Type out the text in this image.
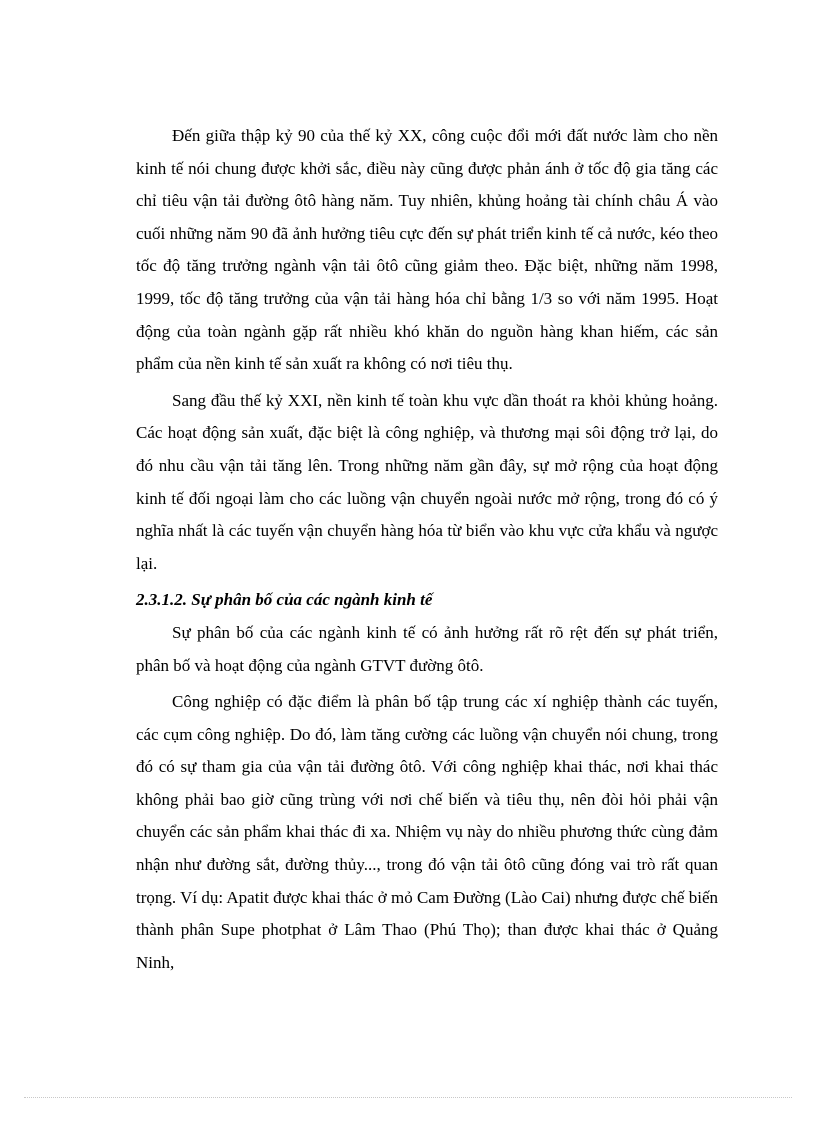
Đến giữa thập kỷ 90 của thế kỷ XX, công cuộc đổi mới đất nước làm cho nền kinh tế nói chung được khởi sắc, điều này cũng được phản ánh ở tốc độ gia tăng các chỉ tiêu vận tải đường ôtô hàng năm. Tuy nhiên, khủng hoảng tài chính châu Á vào cuối những năm 90 đã ảnh hưởng tiêu cực đến sự phát triển kinh tế cả nước, kéo theo tốc độ tăng trưởng ngành vận tải ôtô cũng giảm theo. Đặc biệt, những năm 1998, 1999, tốc độ tăng trưởng của vận tải hàng hóa chỉ bằng 1/3 so với năm 1995. Hoạt động của toàn ngành gặp rất nhiều khó khăn do nguồn hàng khan hiếm, các sản phẩm của nền kinh tế sản xuất ra không có nơi tiêu thụ.

Sang đầu thế kỷ XXI, nền kinh tế toàn khu vực dần thoát ra khỏi khủng hoảng. Các hoạt động sản xuất, đặc biệt là công nghiệp, và thương mại sôi động trở lại, do đó nhu cầu vận tải tăng lên. Trong những năm gần đây, sự mở rộng của hoạt động kinh tế đối ngoại làm cho các luồng vận chuyển ngoài nước mở rộng, trong đó có ý nghĩa nhất là các tuyến vận chuyển hàng hóa từ biển vào khu vực cửa khẩu và ngược lại.

2.3.1.2. Sự phân bố của các ngành kinh tế

Sự phân bố của các ngành kinh tế có ảnh hưởng rất rõ rệt đến sự phát triển, phân bố và hoạt động của ngành GTVT đường ôtô.

Công nghiệp có đặc điểm là phân bố tập trung các xí nghiệp thành các tuyến, các cụm công nghiệp. Do đó, làm tăng cường các luồng vận chuyển nói chung, trong đó có sự tham gia của vận tải đường ôtô. Với công nghiệp khai thác, nơi khai thác không phải bao giờ cũng trùng với nơi chế biến và tiêu thụ, nên đòi hỏi phải vận chuyển các sản phẩm khai thác đi xa. Nhiệm vụ này do nhiều phương thức cùng đảm nhận như đường sắt, đường thủy..., trong đó vận tải ôtô cũng đóng vai trò rất quan trọng. Ví dụ: Apatit được khai thác ở mỏ Cam Đường (Lào Cai) nhưng được chế biến thành phân Supe photphat ở Lâm Thao (Phú Thọ); than được khai thác ở Quảng Ninh,
